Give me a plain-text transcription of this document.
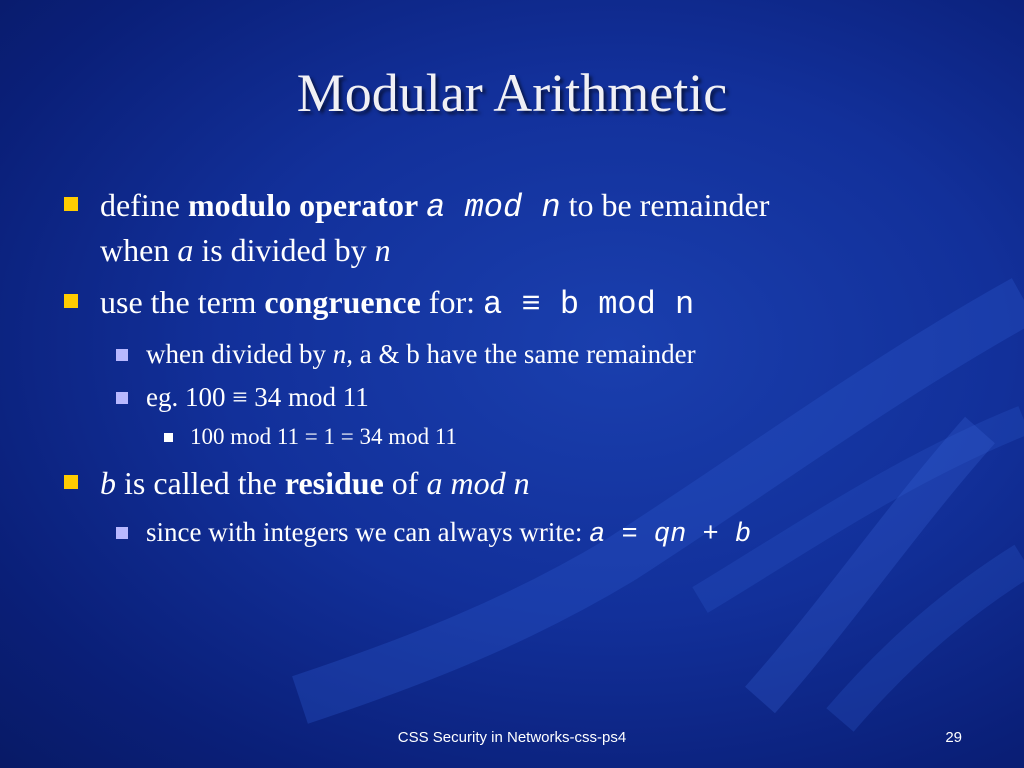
Modular Arithmetic
define modulo operator a mod n to be remainder
when a is divided by n
use the term congruence for: a ≡ b mod n
when divided by n, a & b have the same remainder
eg. 100 ≡ 34 mod 11
100 mod 11 = 1 = 34 mod 11
b is called the residue of a mod n
since with integers we can always write: a = qn + b
CSS Security in Networks-css-ps4	29
